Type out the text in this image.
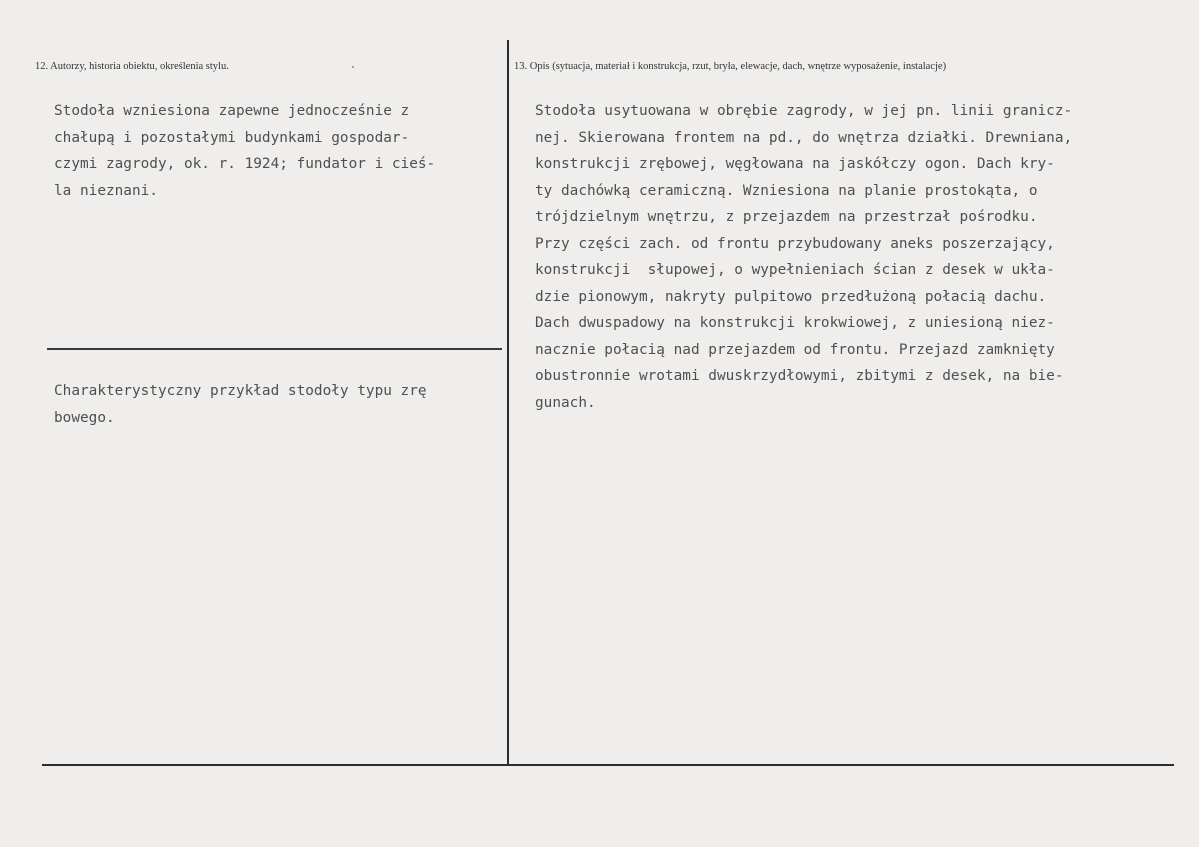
12. Autorzy, historia obiektu, określenia stylu.	13. Opis (sytuacja, materiał i konstrukcja, rzut, bryła, elewacje, dach, wnętrze wyposażenie, instalacje)
Stodoła wzniesiona zapewne jednocześnie z
chałupą i pozostałymi budynkami gospodar-
czymi zagrody, ok. r. 1924; fundator i cieś-
la nieznani.
Charakterystyczny przykład stodoły typu zrę
bowego.
Stodoła usytuowana w obrębie zagrody, w jej pn. linii granicz-
nej. Skierowana frontem na pd., do wnętrza działki. Drewniana,
konstrukcji zrębowej, węgłowana na jaskółczy ogon. Dach kry-
ty dachówką ceramiczną. Wzniesiona na planie prostokąta, o
trójdzielnym wnętrzu, z przejazdem na przestrzał pośrodku.
Przy części zach. od frontu przybudowany aneks poszerzający,
konstrukcji  słupowej, o wypełnieniach ścian z desek w ukła-
dzie pionowym, nakryty pulpitowo przedłużoną połacią dachu.
Dach dwuspadowy na konstrukcji krokwiowej, z uniesioną niez-
nacznie połacią nad przejazdem od frontu. Przejazd zamknięty
obustronnie wrotami dwuskrzydłowymi, zbitymi z desek, na bie-
gunach.
